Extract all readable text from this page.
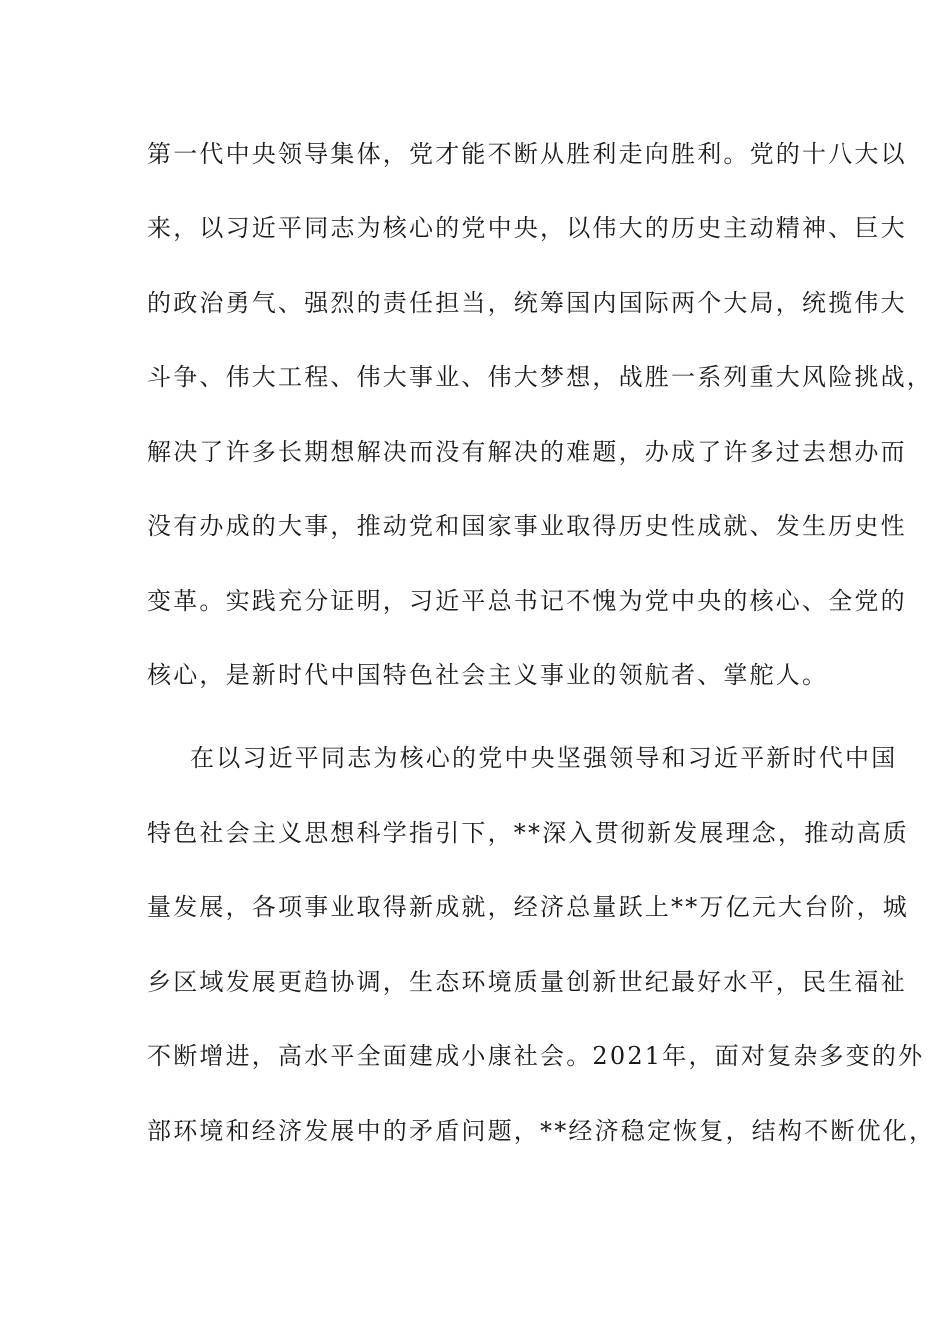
第一代中央领导集体，党才能不断从胜利走向胜利。党的十八大以
来，以习近平同志为核心的党中央，以伟大的历史主动精神、巨大
的政治勇气、强烈的责任担当，统筹国内国际两个大局，统揽伟大
斗争、伟大工程、伟大事业、伟大梦想，战胜一系列重大风险挑战，
解决了许多长期想解决而没有解决的难题，办成了许多过去想办而
没有办成的大事，推动党和国家事业取得历史性成就、发生历史性
变革。实践充分证明，习近平总书记不愧为党中央的核心、全党的
核心，是新时代中国特色社会主义事业的领航者、掌舵人。
在以习近平同志为核心的党中央坚强领导和习近平新时代中国
特色社会主义思想科学指引下，**深入贯彻新发展理念，推动高质
量发展，各项事业取得新成就，经济总量跃上**万亿元大台阶，城
乡区域发展更趋协调，生态环境质量创新世纪最好水平，民生福祉
不断增进，高水平全面建成小康社会。2021年，面对复杂多变的外
部环境和经济发展中的矛盾问题，**经济稳定恢复，结构不断优化，
